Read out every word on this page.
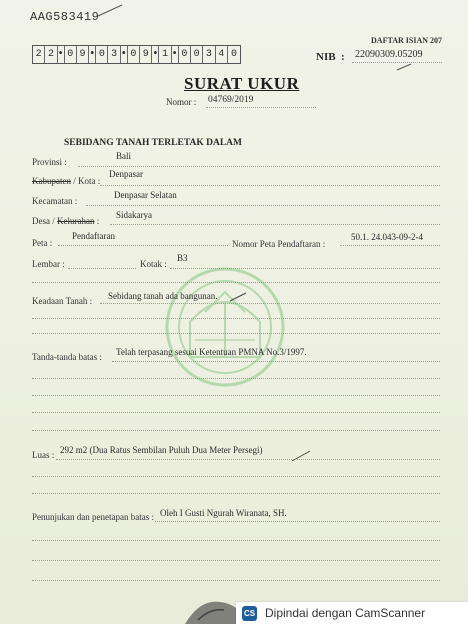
AAG583419
DAFTAR ISIAN 207
2 2 • 0 9 • 0 3 • 0 9 • 1 • 0 0 3 4 0	NIB : 22090309.05209
SURAT UKUR
Nomor : 04769/2019
SEBIDANG TANAH TERLETAK DALAM
Provinsi :
Bali
Kabupaten / Kota :
Denpasar
Kecamatan :
Denpasar Selatan
Desa / Kelurahan :
Sidakarya
Peta :
Pendaftaran
Nomor Peta Pendaftaran :
50.1. 24.043-09-2-4
Lembar :	Kotak :
B3
Keadaan Tanah : Sebidang tanah ada bangunan.
Tanda-tanda batas : Telah terpasang sesuai Ketentuan PMNA No.3/1997.
Luas : 292 m2 (Dua Ratus Sembilan Puluh Dua Meter Persegi)
Penunjukan dan penetapan batas : Oleh I Gusti Ngurah Wiranata, SH.
CS Dipindai dengan CamScanner
